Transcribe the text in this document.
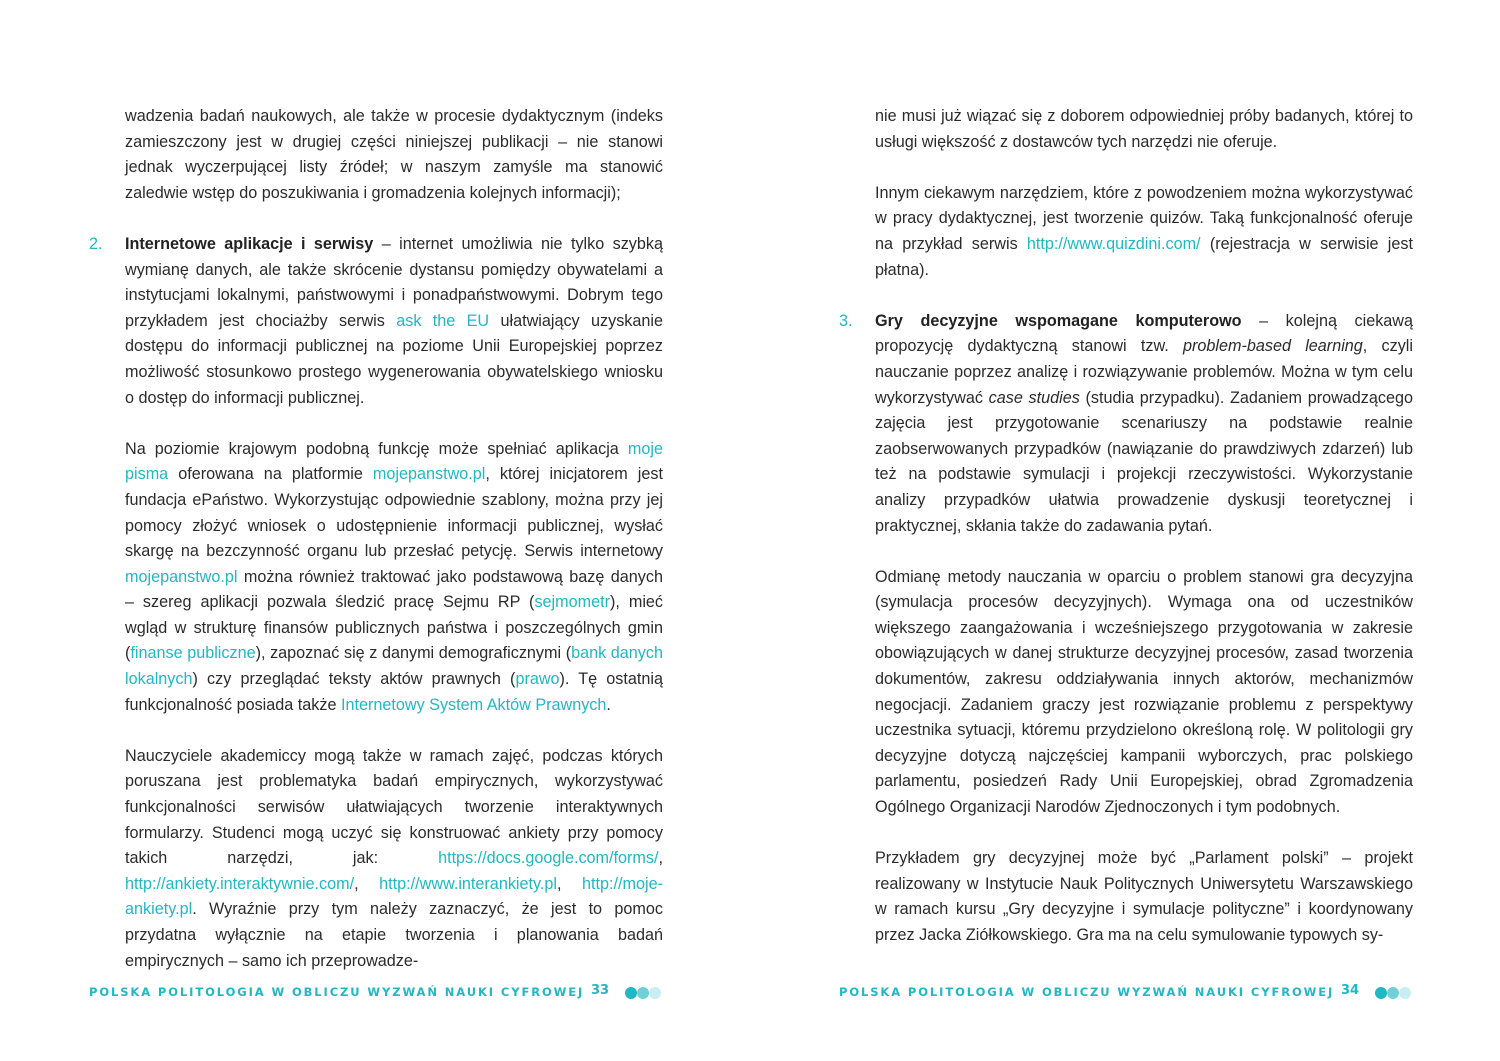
wadzenia badań naukowych, ale także w procesie dydaktycznym (indeks zamieszczony jest w drugiej części niniejszej publikacji – nie stanowi jednak wyczerpującej listy źródeł; w naszym zamyśle ma stanowić zaledwie wstęp do poszukiwania i gromadzenia kolejnych informacji);

2. Internetowe aplikacje i serwisy – internet umożliwia nie tylko szybką wymianę danych, ale także skrócenie dystansu pomiędzy obywatelami a instytucjami lokalnymi, państwowymi i ponadpaństwowymi. Dobrym tego przykładem jest chociażby serwis ask the EU ułatwiający uzyskanie dostępu do informacji publicznej na poziome Unii Europejskiej poprzez możliwość stosunkowo prostego wygenerowania obywatelskiego wniosku o dostęp do informacji publicznej.

Na poziomie krajowym podobną funkcję może spełniać aplikacja moje pisma oferowana na platformie mojepanstwo.pl, której inicjatorem jest fundacja ePaństwo. Wykorzystując odpowiednie szablony, można przy jej pomocy złożyć wniosek o udostępnienie informacji publicznej, wysłać skargę na bezczynność organu lub przesłać petycję. Serwis internetowy mojepanstwo.pl można również traktować jako podstawową bazę danych – szereg aplikacji pozwala śledzić pracę Sejmu RP (sejmometr), mieć wgląd w strukturę finansów publicznych państwa i poszczególnych gmin (finanse publiczne), zapoznać się z danymi demograficznymi (bank danych lokalnych) czy przeglądać teksty aktów prawnych (prawo). Tę ostatnią funkcjonalność posiada także Internetowy System Aktów Prawnych.

Nauczyciele akademiccy mogą także w ramach zajęć, podczas których poruszana jest problematyka badań empirycznych, wykorzystywać funkcjonalności serwisów ułatwiających tworzenie interaktywnych formularzy. Studenci mogą uczyć się konstruować ankiety przy pomocy takich narzędzi, jak: https://docs.google.com/forms/, http://ankiety.interaktywnie.com/, http://www.interankiety.pl, http://moje-ankiety.pl. Wyraźnie przy tym należy zaznaczyć, że jest to pomoc przydatna wyłącznie na etapie tworzenia i planowania badań empirycznych – samo ich przeprowadze-

POLSKA POLITOLOGIA W OBLICZU WYZWAŃ NAUKI CYFROWEJ 33

nie musi już wiązać się z doborem odpowiedniej próby badanych, której to usługi większość z dostawców tych narzędzi nie oferuje.

Innym ciekawym narzędziem, które z powodzeniem można wykorzystywać w pracy dydaktycznej, jest tworzenie quizów. Taką funkcjonalność oferuje na przykład serwis http://www.quizdini.com/ (rejestracja w serwisie jest płatna).

3. Gry decyzyjne wspomagane komputerowo – kolejną ciekawą propozycję dydaktyczną stanowi tzw. problem-based learning, czyli nauczanie poprzez analizę i rozwiązywanie problemów. Można w tym celu wykorzystywać case studies (studia przypadku). Zadaniem prowadzącego zajęcia jest przygotowanie scenariuszy na podstawie realnie zaobserwowanych przypadków (nawiązanie do prawdziwych zdarzeń) lub też na podstawie symulacji i projekcji rzeczywistości. Wykorzystanie analizy przypadków ułatwia prowadzenie dyskusji teoretycznej i praktycznej, skłania także do zadawania pytań.

Odmianę metody nauczania w oparciu o problem stanowi gra decyzyjna (symulacja procesów decyzyjnych). Wymaga ona od uczestników większego zaangażowania i wcześniejszego przygotowania w zakresie obowiązujących w danej strukturze decyzyjnej procesów, zasad tworzenia dokumentów, zakresu oddziaływania innych aktorów, mechanizmów negocjacji. Zadaniem graczy jest rozwiązanie problemu z perspektywy uczestnika sytuacji, któremu przydzielono określoną rolę. W politologii gry decyzyjne dotyczą najczęściej kampanii wyborczych, prac polskiego parlamentu, posiedzeń Rady Unii Europejskiej, obrad Zgromadzenia Ogólnego Organizacji Narodów Zjednoczonych i tym podobnych.

Przykładem gry decyzyjnej może być „Parlament polski” – projekt realizowany w Instytucie Nauk Politycznych Uniwersytetu Warszawskiego w ramach kursu „Gry decyzyjne i symulacje polityczne” i koordynowany przez Jacka Ziółkowskiego. Gra ma na celu symulowanie typowych sy-

POLSKA POLITOLOGIA W OBLICZU WYZWAŃ NAUKI CYFROWEJ 34
